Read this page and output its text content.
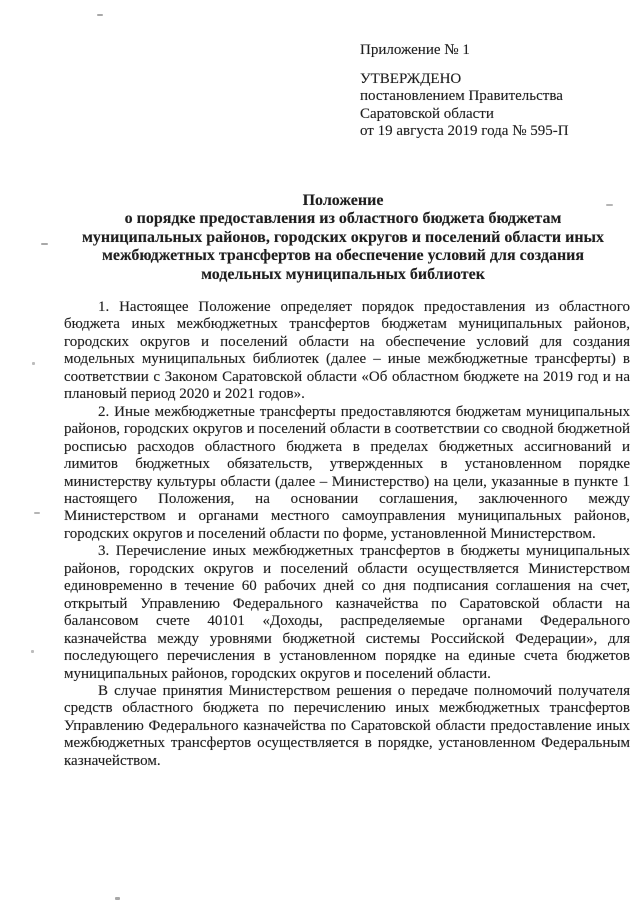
Приложение № 1
УТВЕРЖДЕНО
постановлением Правительства
Саратовской области
от 19 августа 2019 года № 595-П
Положение
о порядке предоставления из областного бюджета бюджетам
муниципальных районов, городских округов и поселений области иных
межбюджетных трансфертов на обеспечение условий для создания
модельных муниципальных библиотек

1. Настоящее Положение определяет порядок предоставления из областного бюджета иных межбюджетных трансфертов бюджетам муниципальных районов, городских округов и поселений области на обеспечение условий для создания модельных муниципальных библиотек (далее – иные межбюджетные трансферты) в соответствии с Законом Саратовской области «Об областном бюджете на 2019 год и на плановый период 2020 и 2021 годов».

2. Иные межбюджетные трансферты предоставляются бюджетам муниципальных районов, городских округов и поселений области в соответствии со сводной бюджетной росписью расходов областного бюджета в пределах бюджетных ассигнований и лимитов бюджетных обязательств, утвержденных в установленном порядке министерству культуры области (далее – Министерство) на цели, указанные в пункте 1 настоящего Положения, на основании соглашения, заключенного между Министерством и органами местного самоуправления муниципальных районов, городских округов и поселений области по форме, установленной Министерством.

3. Перечисление иных межбюджетных трансфертов в бюджеты муниципальных районов, городских округов и поселений области осуществляется Министерством единовременно в течение 60 рабочих дней со дня подписания соглашения на счет, открытый Управлению Федерального казначейства по Саратовской области на балансовом счете 40101 «Доходы, распределяемые органами Федерального казначейства между уровнями бюджетной системы Российской Федерации», для последующего перечисления в установленном порядке на единые счета бюджетов муниципальных районов, городских округов и поселений области.

В случае принятия Министерством решения о передаче полномочий получателя средств областного бюджета по перечислению иных межбюджетных трансфертов Управлению Федерального казначейства по Саратовской области предоставление иных межбюджетных трансфертов осуществляется в порядке, установленном Федеральным казначейством.
